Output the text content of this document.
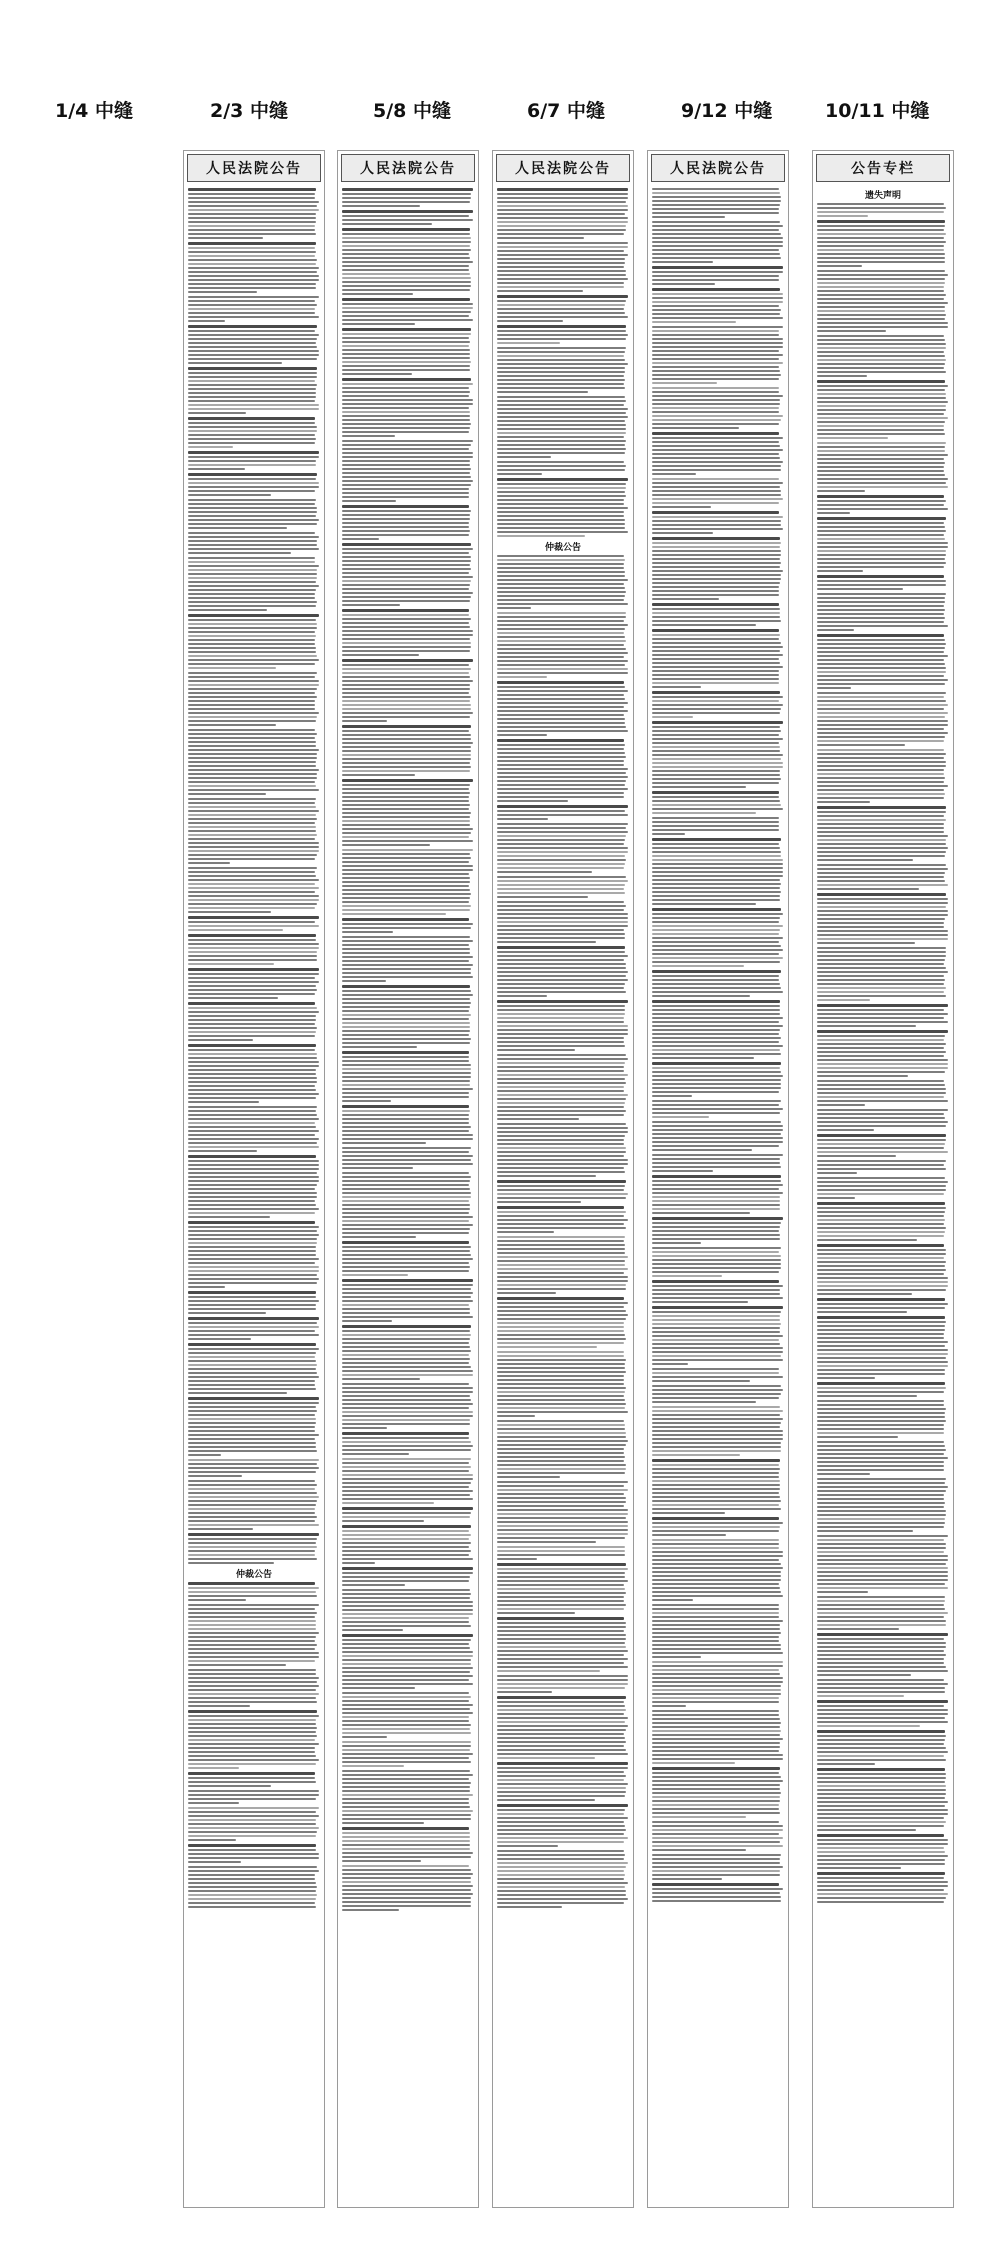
1/4 中缝	2/3 中缝	5/8 中缝	6/7 中缝	9/12 中缝	10/11 中缝
人民法院公告
仲裁公告
人民法院公告	人民法院公告
仲裁公告
人民法院公告	公告专栏
遗失声明
